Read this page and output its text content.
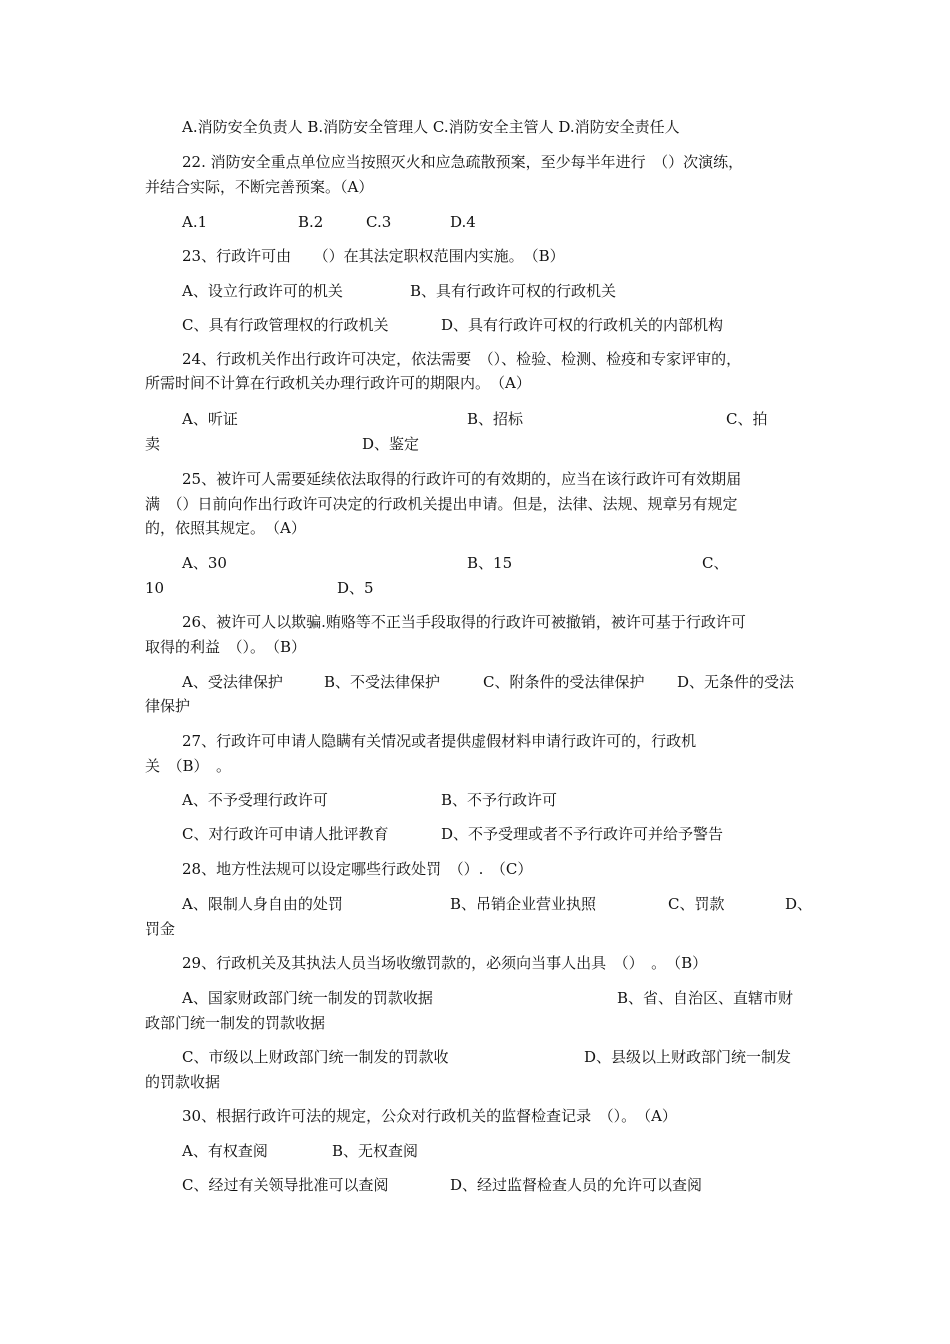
A.消防安全负责人 B.消防安全管理人 C.消防安全主管人 D.消防安全责任人
22. 消防安全重点单位应当按照灭火和应急疏散预案，至少每半年进行　（）次演练，
并结合实际，不断完善预案。（A）
A.1	B.2	C.3	D.4
23、行政许可由　　（）在其法定职权范围内实施。　（B）
A、设立行政许可的机关	B、具有行政许可权的行政机关
C、具有行政管理权的行政机关	D、具有行政许可权的行政机关的内部机构
24、行政机关作出行政许可决定，依法需要　（）、检验、检测、检疫和专家评审的，
所需时间不计算在行政机关办理行政许可的期限内。　（A）
A、听证	B、招标	C、拍
卖	D、鉴定
25、被许可人需要延续依法取得的行政许可的有效期的，应当在该行政许可有效期届
满　（）日前向作出行政许可决定的行政机关提出申请。但是，法律、法规、规章另有规定
的，依照其规定。　（A）
A、30	B、15	C、
10	D、5
26、被许可人以欺骗.贿赂等不正当手段取得的行政许可被撤销，被许可基于行政许可
取得的利益　（）。　（B）
A、受法律保护	B、不受法律保护	C、附条件的受法律保护 D、无条件的受法
律保护
27、行政许可申请人隐瞒有关情况或者提供虚假材料申请行政许可的，行政机
关　（B）　。
A、不予受理行政许可	B、不予行政许可
C、对行政许可申请人批评教育	D、不予受理或者不予行政许可并给予警告
28、地方性法规可以设定哪些行政处罚　（）.　（C）
A、限制人身自由的处罚	B、吊销企业营业执照	C、罚款	D、
罚金
29、行政机关及其执法人员当场收缴罚款的，必须向当事人出具　（）　。　（B）
A、国家财政部门统一制发的罚款收据	B、省、自治区、直辖市财
政部门统一制发的罚款收据
C、市级以上财政部门统一制发的罚款收	D、县级以上财政部门统一制发
的罚款收据
30、根据行政许可法的规定，公众对行政机关的监督检查记录　（）。　（A）
A、有权查阅	B、无权查阅
C、经过有关领导批准可以查阅	D、经过监督检查人员的允许可以查阅
